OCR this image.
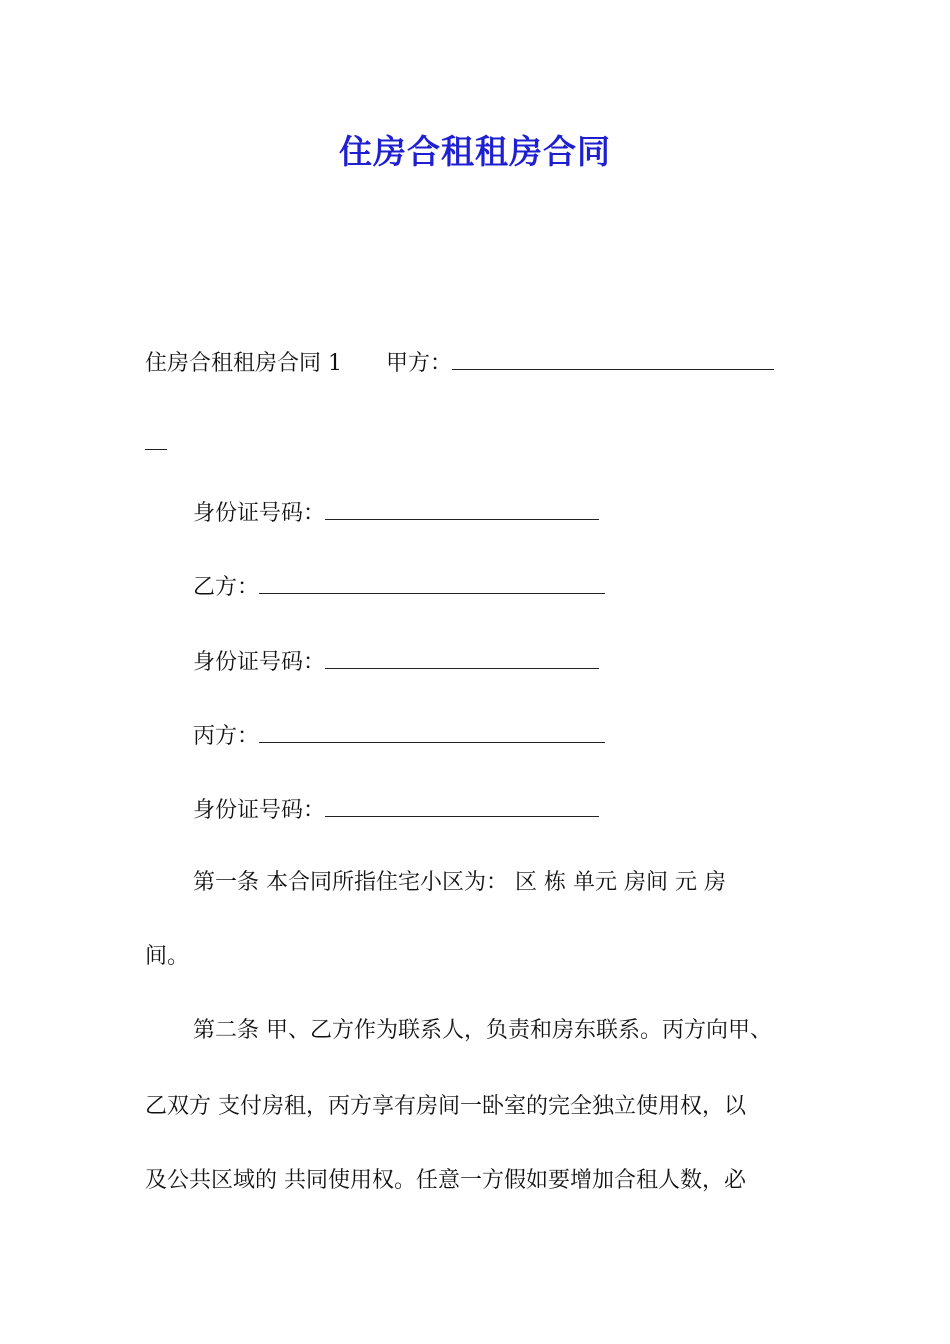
住房合租租房合同
住房合租租房合同 1 甲方：
身份证号码：
乙方：
身份证号码：
丙方：
身份证号码：
第一条 本合同所指住宅小区为： 区 栋 单元 房间 元 房
间。
第二条 甲、乙方作为联系人，负责和房东联系。丙方向甲、
乙双方 支付房租，丙方享有房间一卧室的完全独立使用权，以
及公共区域的 共同使用权。任意一方假如要增加合租人数，必
